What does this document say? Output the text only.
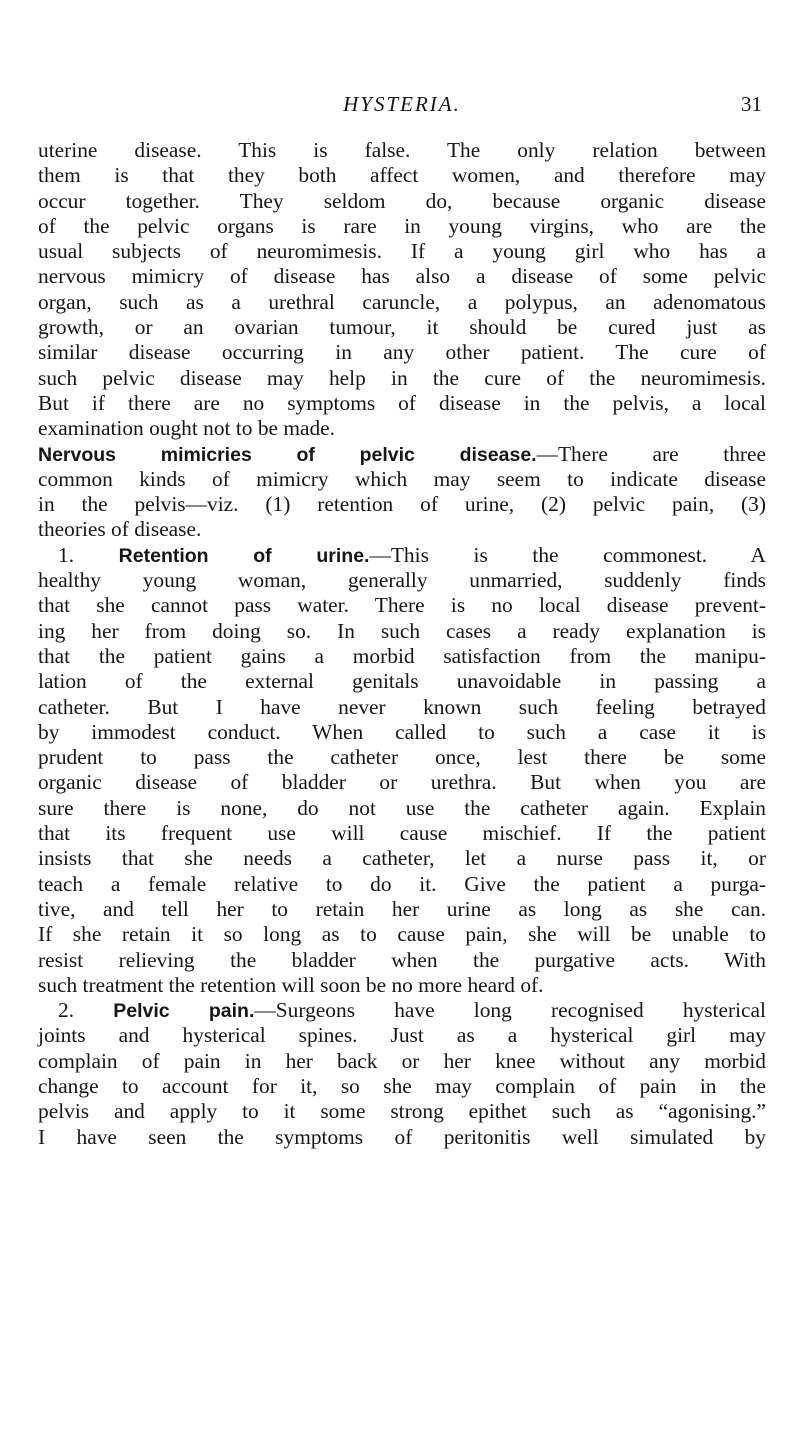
HYSTERIA.	31
uterine disease. This is false. The only relation between
them is that they both affect women, and therefore may
occur together. They seldom do, because organic disease
of the pelvic organs is rare in young virgins, who are the
usual subjects of neuromimesis. If a young girl who has a
nervous mimicry of disease has also a disease of some pelvic
organ, such as a urethral caruncle, a polypus, an adenomatous
growth, or an ovarian tumour, it should be cured just as
similar disease occurring in any other patient. The cure of
such pelvic disease may help in the cure of the neuromimesis.
But if there are no symptoms of disease in the pelvis, a local
examination ought not to be made.
Nervous mimicries of pelvic disease.—There are three
common kinds of mimicry which may seem to indicate disease
in the pelvis—viz. (1) retention of urine, (2) pelvic pain, (3)
theories of disease.
1. Retention of urine.—This is the commonest. A
healthy young woman, generally unmarried, suddenly finds
that she cannot pass water. There is no local disease prevent-
ing her from doing so. In such cases a ready explanation is
that the patient gains a morbid satisfaction from the manipu-
lation of the external genitals unavoidable in passing a
catheter. But I have never known such feeling betrayed
by immodest conduct. When called to such a case it is
prudent to pass the catheter once, lest there be some
organic disease of bladder or urethra. But when you are
sure there is none, do not use the catheter again. Explain
that its frequent use will cause mischief. If the patient
insists that she needs a catheter, let a nurse pass it, or
teach a female relative to do it. Give the patient a purga-
tive, and tell her to retain her urine as long as she can.
If she retain it so long as to cause pain, she will be unable to
resist relieving the bladder when the purgative acts. With
such treatment the retention will soon be no more heard of.
2. Pelvic pain.—Surgeons have long recognised hysterical
joints and hysterical spines. Just as a hysterical girl may
complain of pain in her back or her knee without any morbid
change to account for it, so she may complain of pain in the
pelvis and apply to it some strong epithet such as “agonising.”
I have seen the symptoms of peritonitis well simulated by
